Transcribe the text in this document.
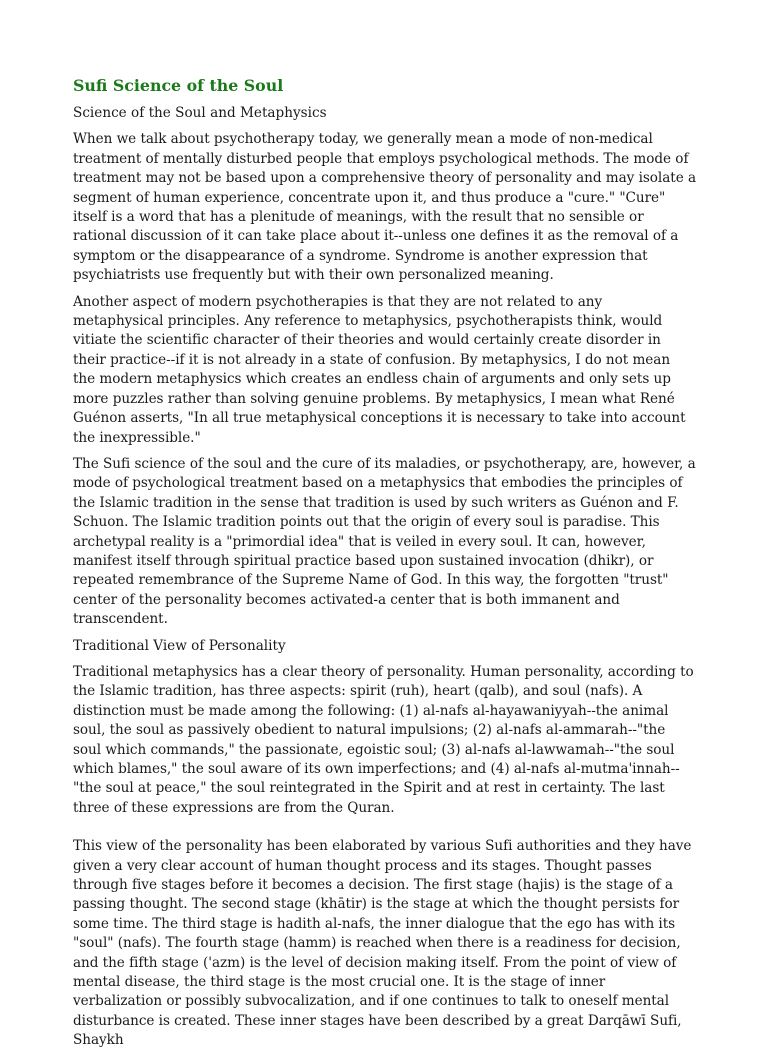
Sufi Science of the Soul
Science of the Soul and Metaphysics

When we talk about psychotherapy today, we generally mean a mode of non-medical treatment of mentally disturbed people that employs psychological methods. The mode of treatment may not be based upon a comprehensive theory of personality and may isolate a segment of human experience, concentrate upon it, and thus produce a "cure." "Cure" itself is a word that has a plenitude of meanings, with the result that no sensible or rational discussion of it can take place about it--unless one defines it as the removal of a symptom or the disappearance of a syndrome. Syndrome is another expression that psychiatrists use frequently but with their own personalized meaning.

Another aspect of modern psychotherapies is that they are not related to any metaphysical principles. Any reference to metaphysics, psychotherapists think, would vitiate the scientific character of their theories and would certainly create disorder in their practice--if it is not already in a state of confusion. By metaphysics, I do not mean the modern metaphysics which creates an endless chain of arguments and only sets up more puzzles rather than solving genuine problems. By metaphysics, I mean what René Guénon asserts, "In all true metaphysical conceptions it is necessary to take into account the inexpressible."

The Sufi science of the soul and the cure of its maladies, or psychotherapy, are, however, a mode of psychological treatment based on a metaphysics that embodies the principles of the Islamic tradition in the sense that tradition is used by such writers as Guénon and F. Schuon. The Islamic tradition points out that the origin of every soul is paradise. This archetypal reality is a "primordial idea" that is veiled in every soul. It can, however, manifest itself through spiritual practice based upon sustained invocation (dhikr), or repeated remembrance of the Supreme Name of God. In this way, the forgotten "trust" center of the personality becomes activated-a center that is both immanent and transcendent.

Traditional View of Personality

Traditional metaphysics has a clear theory of personality. Human personality, according to the Islamic tradition, has three aspects: spirit (ruh), heart (qalb), and soul (nafs). A distinction must be made among the following: (1) al-nafs al-hayawaniyyah--the animal soul, the soul as passively obedient to natural impulsions; (2) al-nafs al-ammarah--"the soul which commands," the passionate, egoistic soul; (3) al-nafs al-lawwamah--"the soul which blames," the soul aware of its own imperfections; and (4) al-nafs al-mutma'innah--"the soul at peace," the soul reintegrated in the Spirit and at rest in certainty. The last three of these expressions are from the Quran.

This view of the personality has been elaborated by various Sufi authorities and they have given a very clear account of human thought process and its stages. Thought passes through five stages before it becomes a decision. The first stage (hajis) is the stage of a passing thought. The second stage (khātir) is the stage at which the thought persists for some time. The third stage is hadith al-nafs, the inner dialogue that the ego has with its "soul" (nafs). The fourth stage (hamm) is reached when there is a readiness for decision, and the fifth stage ('azm) is the level of decision making itself. From the point of view of mental disease, the third stage is the most crucial one. It is the stage of inner verbalization or possibly subvocalization, and if one continues to talk to oneself mental disturbance is created. These inner stages have been described by a great Darqāwī Sufi, Shaykh
